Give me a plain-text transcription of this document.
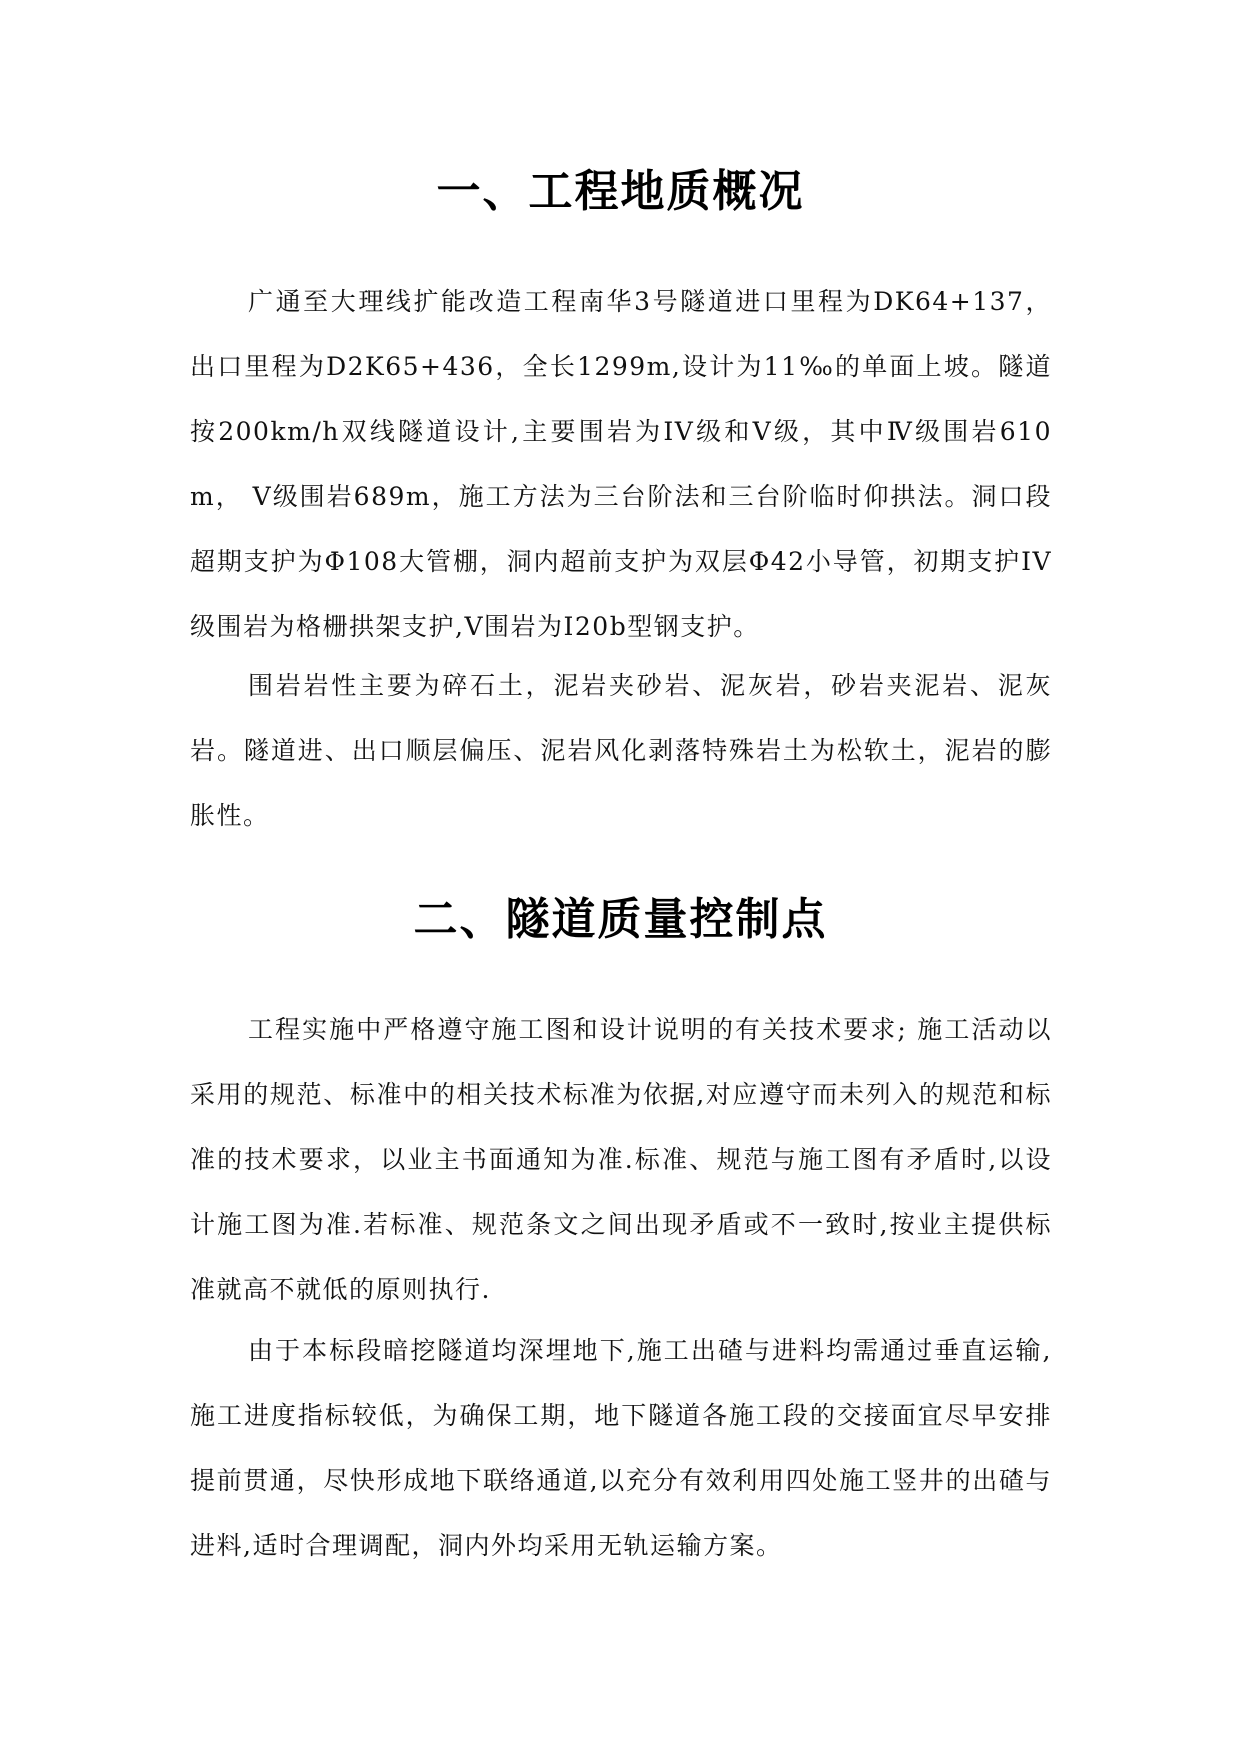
一、工程地质概况

广通至大理线扩能改造工程南华3号隧道进口里程为DK64+137，出口里程为D2K65+436，全长1299m,设计为11‰的单面上坡。隧道按200km/h双线隧道设计,主要围岩为IV级和V级，其中Ⅳ级围岩610m， V级围岩689m，施工方法为三台阶法和三台阶临时仰拱法。洞口段超期支护为Φ108大管棚，洞内超前支护为双层Φ42小导管，初期支护IV级围岩为格栅拱架支护,V围岩为I20b型钢支护。

围岩岩性主要为碎石土，泥岩夹砂岩、泥灰岩，砂岩夹泥岩、泥灰岩。隧道进、出口顺层偏压、泥岩风化剥落特殊岩土为松软土，泥岩的膨胀性。

二、隧道质量控制点

工程实施中严格遵守施工图和设计说明的有关技术要求; 施工活动以采用的规范、标准中的相关技术标准为依据,对应遵守而未列入的规范和标准的技术要求，以业主书面通知为准.标准、规范与施工图有矛盾时,以设计施工图为准.若标准、规范条文之间出现矛盾或不一致时,按业主提供标准就高不就低的原则执行.

由于本标段暗挖隧道均深埋地下,施工出碴与进料均需通过垂直运输,施工进度指标较低，为确保工期，地下隧道各施工段的交接面宜尽早安排提前贯通，尽快形成地下联络通道,以充分有效利用四处施工竖井的出碴与进料,适时合理调配，洞内外均采用无轨运输方案。
